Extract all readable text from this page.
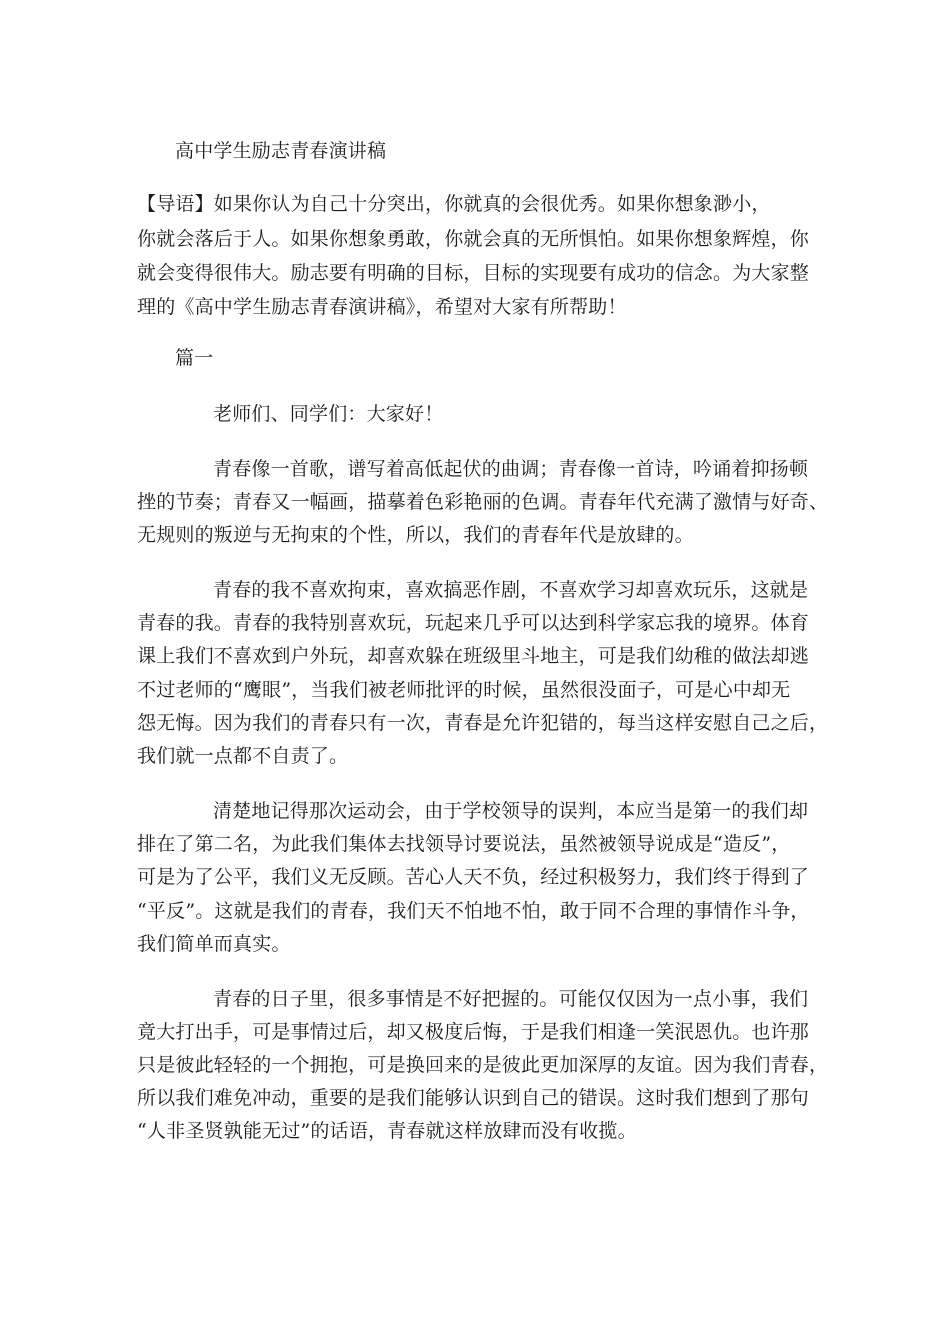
高中学生励志青春演讲稿
【导语】如果你认为自己十分突出，你就真的会很优秀。如果你想象渺小，
你就会落后于人。如果你想象勇敢，你就会真的无所惧怕。如果你想象辉煌，你
就会变得很伟大。励志要有明确的目标，目标的实现要有成功的信念。为大家整
理的《高中学生励志青春演讲稿》，希望对大家有所帮助！
篇一
老师们、同学们：大家好！
青春像一首歌，谱写着高低起伏的曲调；青春像一首诗，吟诵着抑扬顿
挫的节奏；青春又一幅画，描摹着色彩艳丽的色调。青春年代充满了激情与好奇、
无规则的叛逆与无拘束的个性，所以，我们的青春年代是放肆的。
青春的我不喜欢拘束，喜欢搞恶作剧，不喜欢学习却喜欢玩乐，这就是
青春的我。青春的我特别喜欢玩，玩起来几乎可以达到科学家忘我的境界。体育
课上我们不喜欢到户外玩，却喜欢躲在班级里斗地主，可是我们幼稚的做法却逃
不过老师的“鹰眼”，当我们被老师批评的时候，虽然很没面子，可是心中却无
怨无悔。因为我们的青春只有一次，青春是允许犯错的，每当这样安慰自己之后，
我们就一点都不自责了。
清楚地记得那次运动会，由于学校领导的误判，本应当是第一的我们却
排在了第二名，为此我们集体去找领导讨要说法，虽然被领导说成是“造反”，
可是为了公平，我们义无反顾。苦心人天不负，经过积极努力，我们终于得到了
“平反”。这就是我们的青春，我们天不怕地不怕，敢于同不合理的事情作斗争，
我们简单而真实。
青春的日子里，很多事情是不好把握的。可能仅仅因为一点小事，我们
竟大打出手，可是事情过后，却又极度后悔，于是我们相逢一笑泯恩仇。也许那
只是彼此轻轻的一个拥抱，可是换回来的是彼此更加深厚的友谊。因为我们青春，
所以我们难免冲动，重要的是我们能够认识到自己的错误。这时我们想到了那句
“人非圣贤孰能无过”的话语，青春就这样放肆而没有收揽。
